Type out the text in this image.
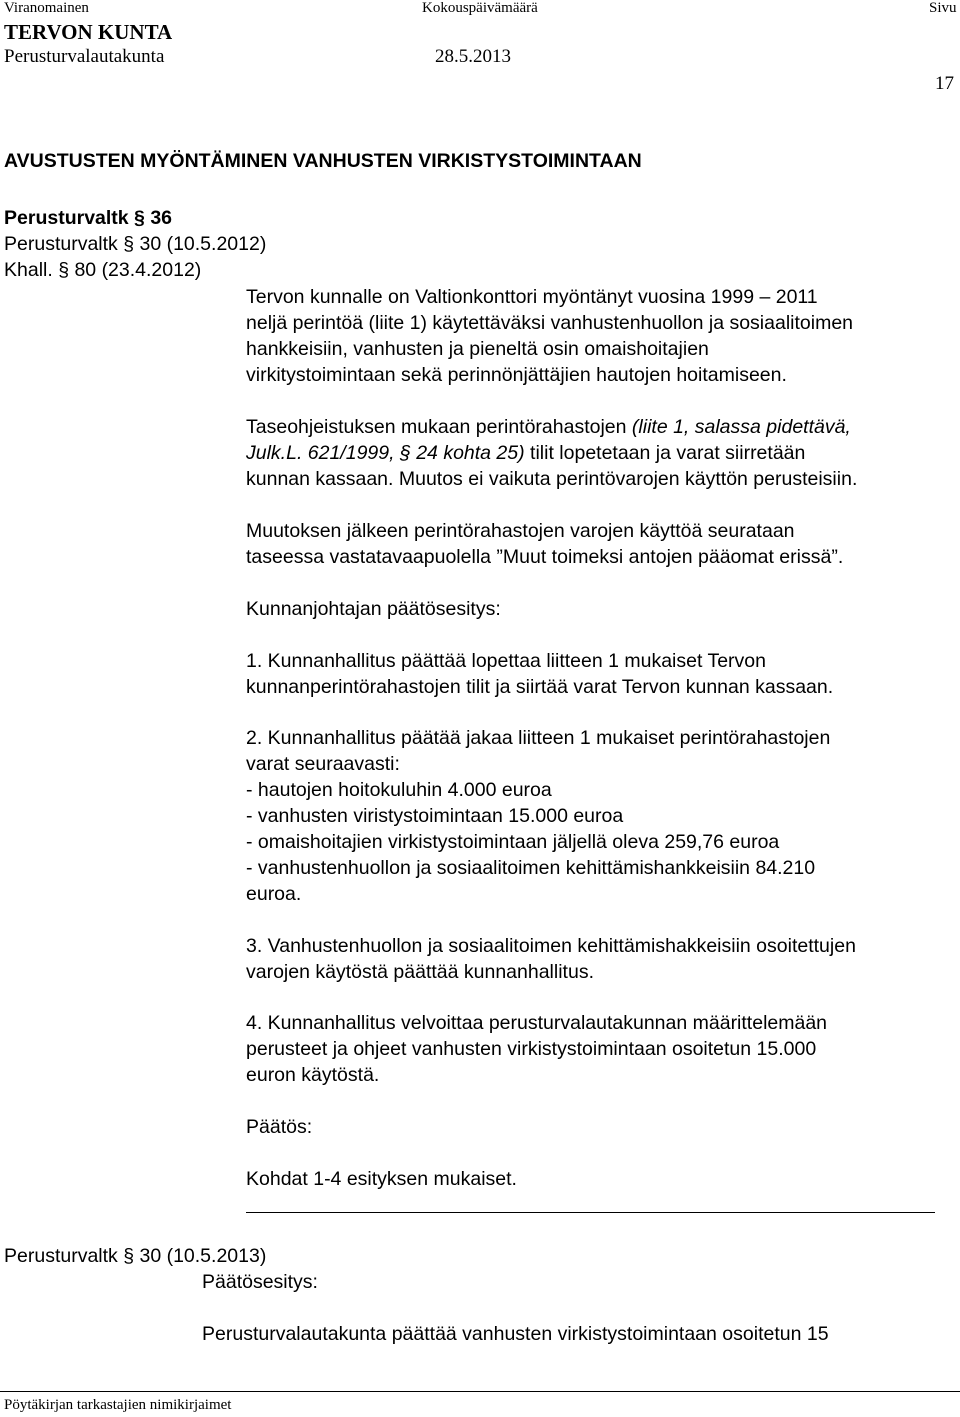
Viranomainen	Kokouspäivämäärä	Sivu
TERVON KUNTA
Perusturvalautakunta	28.5.2013
17
AVUSTUSTEN MYÖNTÄMINEN VANHUSTEN VIRKISTYSTOIMINTAAN
Perusturvaltk § 36
Perusturvaltk § 30 (10.5.2012)
Khall. § 80 (23.4.2012)
Tervon kunnalle on Valtionkonttori myöntänyt vuosina 1999 – 2011
neljä perintöä (liite 1) käytettäväksi vanhustenhuollon ja sosiaalitoimen
hankkeisiin, vanhusten ja pieneltä osin omaishoitajien
virkitystoimintaan sekä perinnönjättäjien hautojen hoitamiseen.
Taseohjeistuksen mukaan perintörahastojen (liite 1, salassa pidettävä,
Julk.L. 621/1999, § 24 kohta 25) tilit lopetetaan ja varat siirretään
kunnan kassaan. Muutos ei vaikuta perintövarojen käyttön perusteisiin.
Muutoksen jälkeen perintörahastojen varojen käyttöä seurataan
taseessa vastatavaapuolella ”Muut toimeksi antojen pääomat erissä”.
Kunnanjohtajan päätösesitys:
1. Kunnanhallitus päättää lopettaa liitteen 1 mukaiset Tervon
kunnanperintörahastojen tilit ja siirtää varat Tervon kunnan kassaan.
2. Kunnanhallitus päätää jakaa liitteen 1 mukaiset perintörahastojen
varat seuraavasti:
- hautojen hoitokuluhin 4.000 euroa
- vanhusten viristystoimintaan 15.000 euroa
- omaishoitajien virkistystoimintaan jäljellä oleva 259,76 euroa
- vanhustenhuollon ja sosiaalitoimen kehittämishankkeisiin 84.210
euroa.
3. Vanhustenhuollon ja sosiaalitoimen kehittämishakkeisiin osoitettujen
varojen käytöstä päättää kunnanhallitus.
4. Kunnanhallitus velvoittaa perusturvalautakunnan määrittelemään
perusteet ja ohjeet vanhusten virkistystoimintaan osoitetun 15.000
euron käytöstä.
Päätös:
Kohdat 1-4 esityksen mukaiset.
Perusturvaltk § 30 (10.5.2013)
Päätösesitys:
Perusturvalautakunta päättää vanhusten virkistystoimintaan osoitetun 15
Pöytäkirjan tarkastajien nimikirjaimet
